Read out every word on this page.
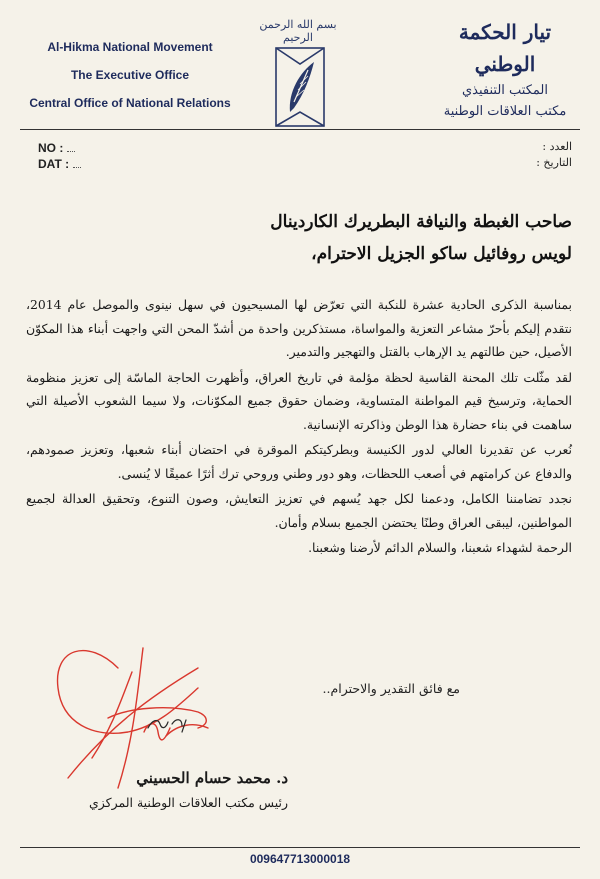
Al-Hikma National Movement
The Executive Office
Central Office of National Relations
بسم الله الرحمن الرحيم	تيار الحكمة الوطني
المكتب التنفيذي
مكتب العلاقات الوطنية
NO :
DAT :
العدد :
التاريخ :
صاحب الغبطة والنيافة البطريرك الكاردينال
لويس روفائيل ساكو الجزيل الاحترام،

بمناسبة الذكرى الحادية عشرة للنكبة التي تعرّض لها المسيحيون في سهل نينوى والموصل عام 2014، نتقدم إليكم بأحرّ مشاعر التعزية والمواساة، مستذكرين واحدة من أشدّ المحن التي واجهت أبناء هذا المكوّن الأصيل، حين طالتهم يد الإرهاب بالقتل والتهجير والتدمير.

لقد مثّلت تلك المحنة القاسية لحظة مؤلمة في تاريخ العراق، وأظهرت الحاجة الماسّة إلى تعزيز منظومة الحماية، وترسيخ قيم المواطنة المتساوية، وضمان حقوق جميع المكوّنات، ولا سيما الشعوب الأصيلة التي ساهمت في بناء حضارة هذا الوطن وذاكرته الإنسانية.

نُعرب عن تقديرنا العالي لدور الكنيسة وبطركيتكم الموقرة في احتضان أبناء شعبها، وتعزيز صمودهم، والدفاع عن كرامتهم في أصعب اللحظات، وهو دور وطني وروحي ترك أثرًا عميقًا لا يُنسى.

نجدد تضامننا الكامل، ودعمنا لكل جهد يُسهم في تعزيز التعايش، وصون التنوع، وتحقيق العدالة لجميع المواطنين، ليبقى العراق وطنًا يحتضن الجميع بسلام وأمان.

الرحمة لشهداء شعبنا، والسلام الدائم لأرضنا وشعبنا.

مع فائق التقدير والاحترام..
د. محمد حسام الحسيني
رئيس مكتب العلاقات الوطنية المركزي
009647713000018
